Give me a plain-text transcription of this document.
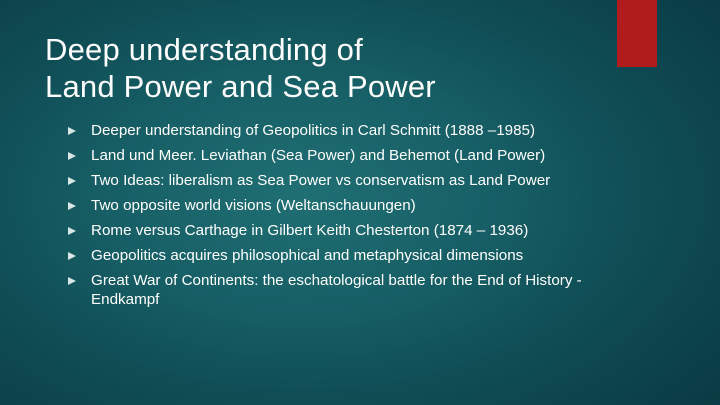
Deep understanding of
Land Power and Sea Power
Deeper understanding of Geopolitics in Carl Schmitt (1888 –1985)
Land und Meer. Leviathan (Sea Power) and Behemot (Land Power)
Two Ideas: liberalism as Sea Power vs conservatism as Land Power
Two opposite world visions (Weltanschauungen)
Rome versus Carthage in Gilbert Keith Chesterton (1874 – 1936)
Geopolitics acquires philosophical and metaphysical dimensions
Great War of Continents: the eschatological battle for the End of History - Endkampf
